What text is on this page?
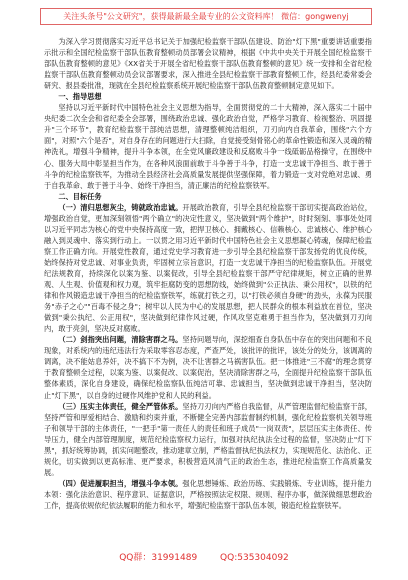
关注头条号"公文研究"，获得最新最全最专业的公文资料库！ 微信：gongwenyj

为深入学习贯彻落实习近平总书记关于加强纪检监察干部队伍建设、防治"灯下黑"重要讲话重要指示批示和全国纪检监察干部队伍教育整顿动员部署会议精神，根据《中共中央关于开展全国纪检监察干部队伍教育整顿的意见》《XX省关于开展全省纪检监察干部队伍教育整顿的意见》统一安排和全省纪检监察干部队伍教育整顿动员会议部署要求，深入推进全县纪检监察干部教育整顿工作，经县纪委常委会研究、报县委批准，现就在全县纪检监察系统开展纪检监察干部队伍教育整顿制定意见如下。

一、指导思想

坚持以习近平新时代中国特色社会主义思想为指导，全面贯彻党的二十大精神，深入落实二十届中央纪委二次全会和省纪委全会部署，围绕政治忠诚、强化政治自觉，严格学习教育、检视整治、巩固提升"三个环节"，教育纪检监察干部纯洁思想，清理整顿纯洁组织，刀刃向内自我革命，围绕"六个方面"，对照"六个是否"，对自身存在的问题进行大扫除，自觉接受刻骨铭心的革命性锻造和深入灵魂的精神洗礼，增强斗争精神，提升斗争本领，在全党风廉政建设和反腐败斗争一线砥砺品格操守，在围绕中心、服务大局中彰显担当作为，在各种风浪面前敢于斗争善于斗争，打造一支忠诚干净担当、敢于善于斗争的纪检监察铁军，为推动全县经济社会高质量发展提供坚强保障，着力锻造一支对党绝对忠诚、勇于自我革命、敢于善于斗争、始终干净担当，清正廉洁的纪检监察铁军。

二、目标任务

（一）清归思想灰尘，铸就政治忠诚。开展政治教育，引导全县纪检监察干部切实提高政治站位，增强政治自觉，更加深刻领悟"两个确立"的决定性意义，坚决做到"两个维护"，时时刻刻、事事处处同以习近平同志为核心的党中央保持高度一致，把捍卫核心、拥戴核心、信赖核心、忠诚核心、维护核心融入到灵魂中、落实到行动上。一以贯之用习近平新时代中国特色社会主义思想凝心铸魂，保障纪检监察工作正确方向。开展党性教育，通过党史学习教育进一步引导全县纪检监察干部发扬党的优良传统，始终保持对党忠诚、对事业负责，牢固树立宗旨意识，打造一支忠诚干净担当的纪检监察队伍。开展党纪法规教育，持续深化以案为鉴、以案促改，引导全县纪检监察干部严守纪律规矩，树立正确的世界观、人生观、价值观和权力观，筑牢拒腐防变的思想防线，始终做到"公正执法、秉公用权"，以铁的纪律和作风锻造忠诚干净担当的纪检监察铁军，练就打铁之刃，以"打铁必须自身硬"的劲头，永葆为民服务"赤子之心""百毒不侵之身"；树牢以人民为中心的发展思想，把人民群众的根本利益放在首位，坚决做到"秉公执纪、公正用权"，坚决做到纪律作风过硬，作风攻坚克难勇于担当作为，坚决做到刀刃向内，敢于亮剑，坚决反对腐败。

（二）剑指突出问题，清除害群之马。坚持问题导向，深挖细查自身队伍中存在的突出问题和不良现象，对系统内的违纪违法行为采取零容忍态度，严查严处，该批评的批评，该处分的处分，该调离的调离，决不能姑息养奸，决不搞下不为例，决不让害群之马祸害队伍。把一体推进"三不腐"的理念贯穿于教育整顿全过程，以案为鉴、以案促改、以案促治，坚决清除害群之马，全面提升纪检监察干部队伍整体素质，深化自身建设，确保纪检监察队伍纯洁可靠、忠诚担当，坚决做到忠诚干净担当，坚决防止"灯下黑"，以自身的过硬作风维护党和人民的利益。

（三）压实主体责任，健全严管体系。坚持刀刃向内严格自我监督，从严管理监督纪检监察干部，坚持严管和厚爱相结合、激励和约束并重，不断健全完善内部监督制约机制，强化纪检监察机关领导班子和领导干部的主体责任，"一把手"第一责任人的责任和班子成员"一岗双责"，层层压实主体责任、传导压力，健全内部管理制度，规范纪检监察权力运行，加强对执纪执法全过程的监督，坚决防止"灯下黑"，抓好统筹协调，抓实问题整改，推动建章立制，严格监督执纪执法权力，实现规范化、法治化、正规化，切实做到以更高标准、更严要求，积极营造风清气正的政治生态，推进纪检监察工作高质量发展。

（四）促进履职担当，增强斗争本领。强化思想锤炼、政治历练、实践锻炼、专业训练，提升能力本领：强化法治意识、程序意识、证据意识，严格按照法定权限、规则、程序办事，做深做细思想政治工作，提高依规依纪依法履职的能力和水平，增强纪检监察干部队伍本领，锻造纪检监察铁军。

QQ群：31991489	QQ:535304092
